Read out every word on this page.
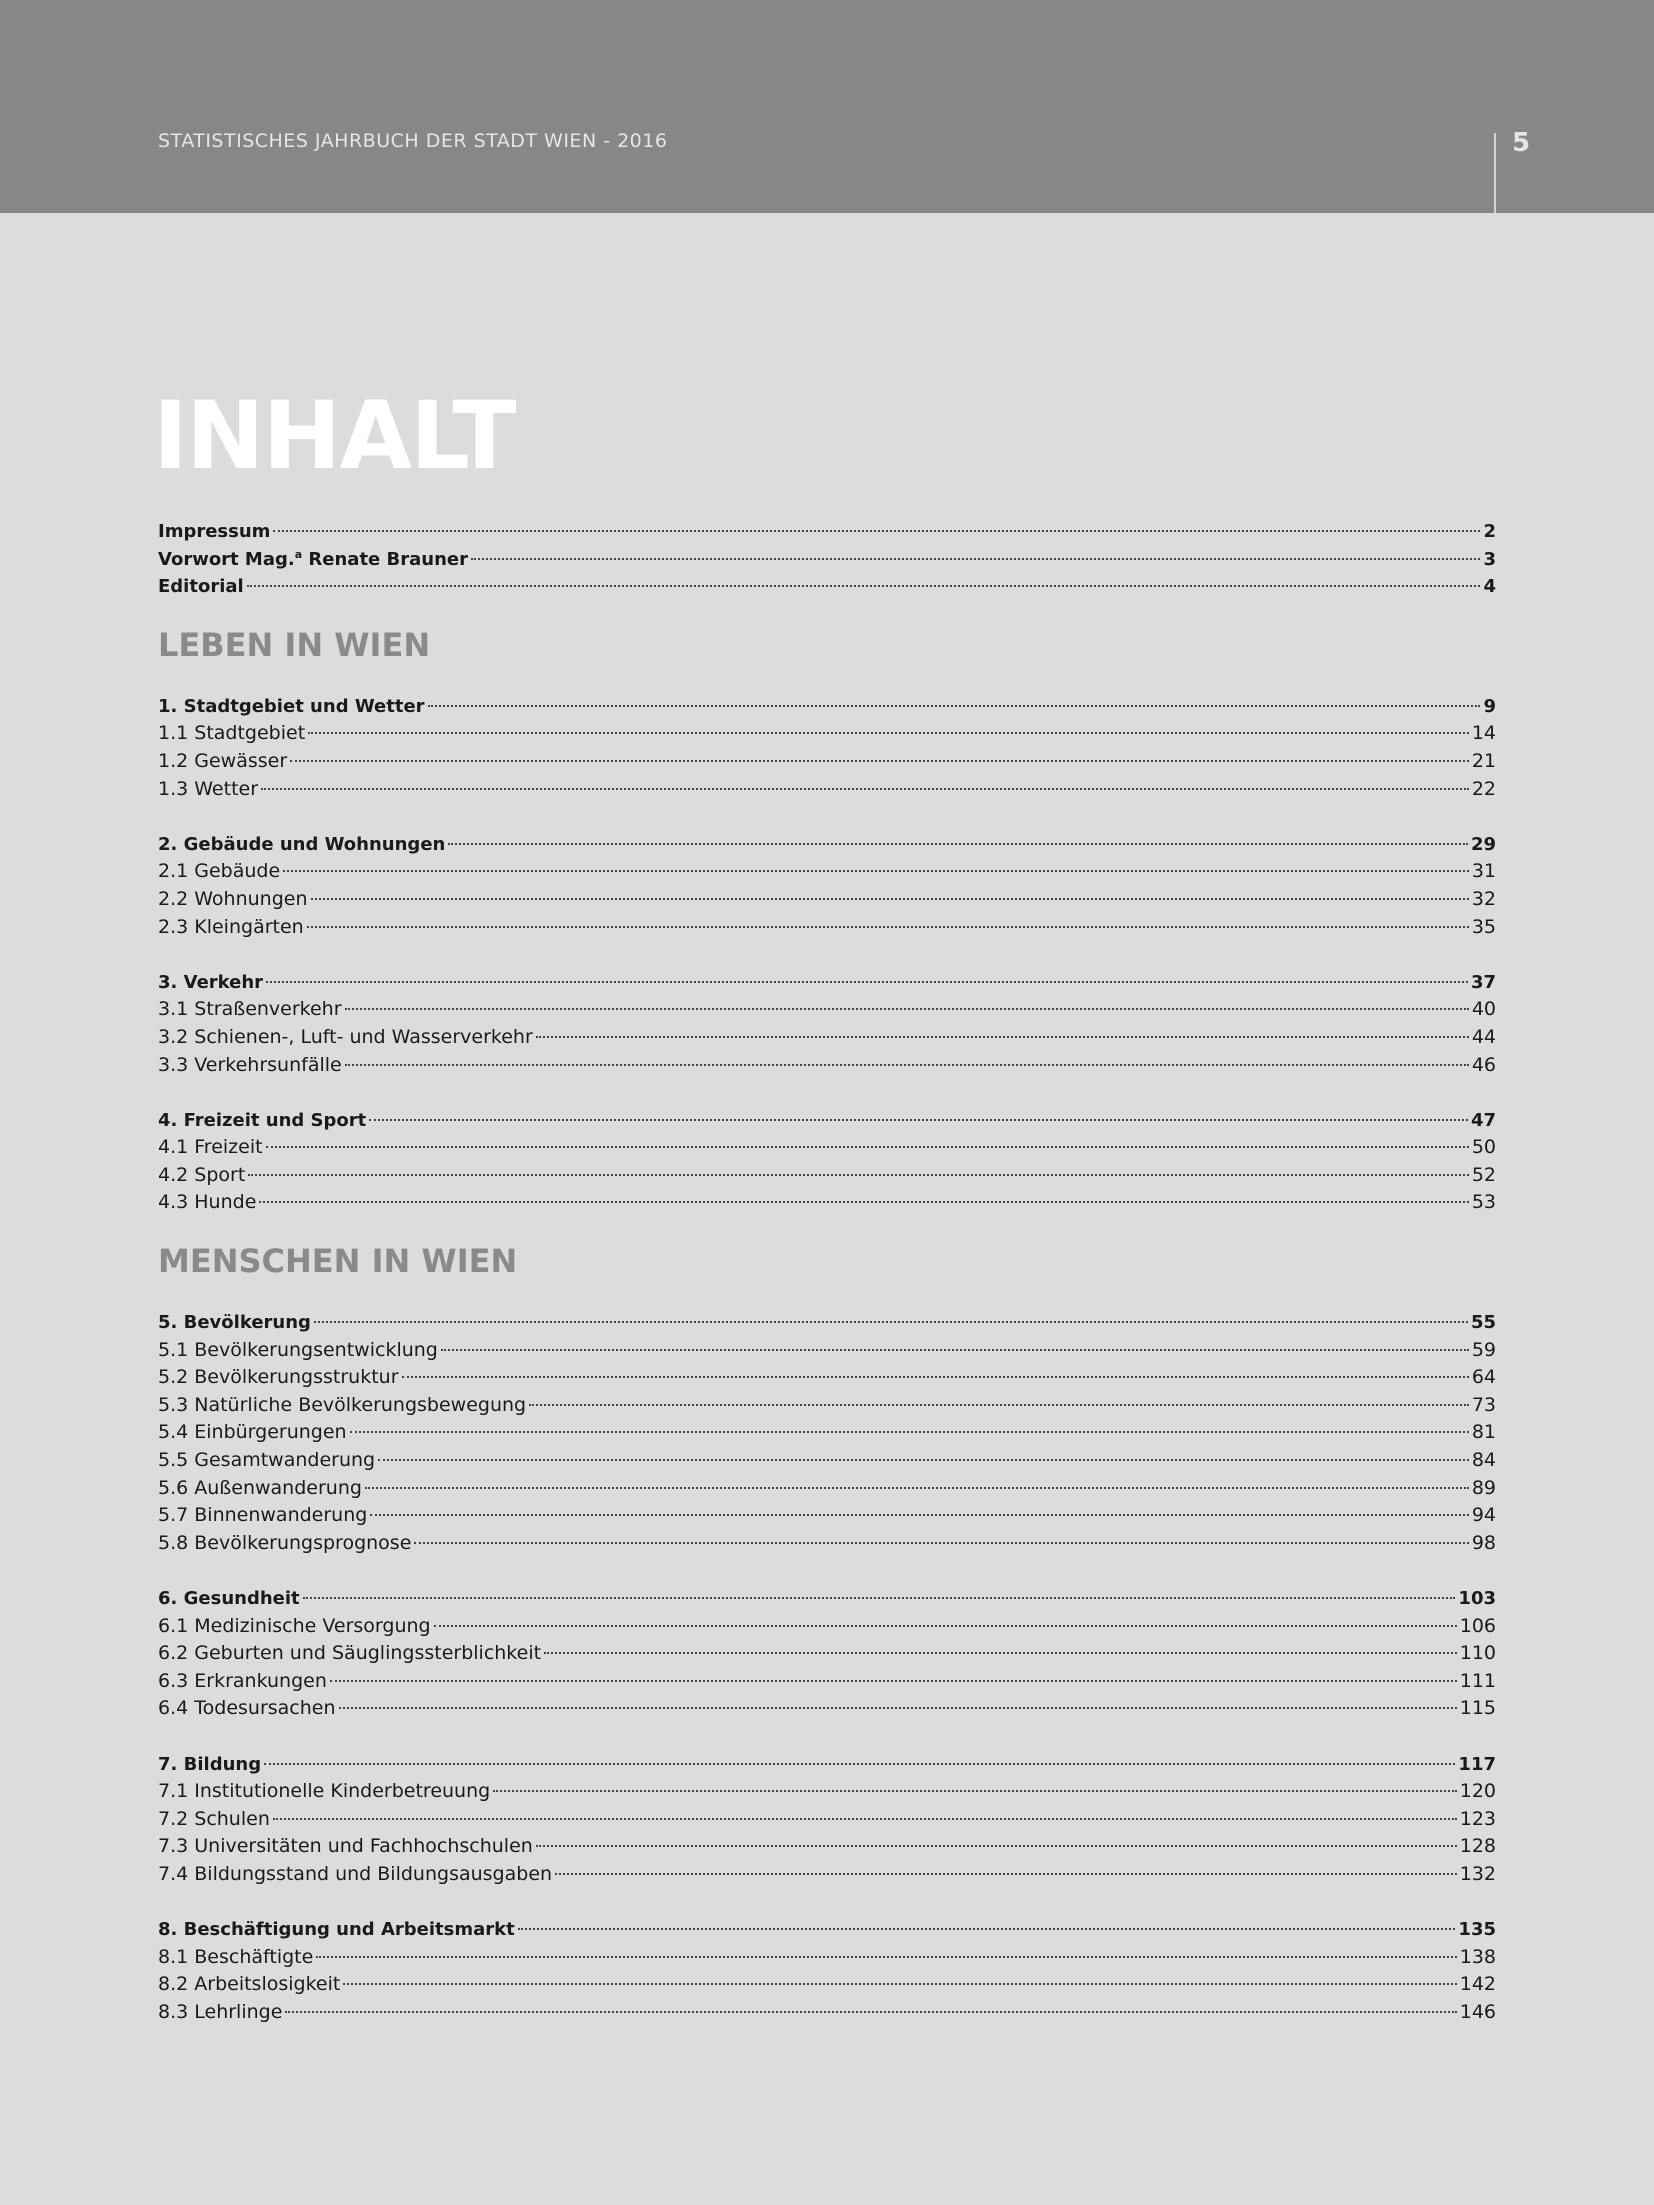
STATISTISCHES JAHRBUCH DER STADT WIEN - 2016	5
INHALT
Impressum	2
Vorwort Mag.$^a$ Renate Brauner	3
Editorial	4
LEBEN IN WIEN
1. Stadtgebiet und Wetter	9
1.1 Stadtgebiet	14
1.2 Gewässer	21
1.3 Wetter	22
2. Gebäude und Wohnungen	29
2.1 Gebäude	31
2.2 Wohnungen	32
2.3 Kleingärten	35
3. Verkehr	37
3.1 Straßenverkehr	40
3.2 Schienen-, Luft- und Wasserverkehr	44
3.3 Verkehrsunfälle	46
4. Freizeit und Sport	47
4.1 Freizeit	50
4.2 Sport	52
4.3 Hunde	53
MENSCHEN IN WIEN
5. Bevölkerung	55
5.1 Bevölkerungsentwicklung	59
5.2 Bevölkerungsstruktur	64
5.3 Natürliche Bevölkerungsbewegung	73
5.4 Einbürgerungen	81
5.5 Gesamtwanderung	84
5.6 Außenwanderung	89
5.7 Binnenwanderung	94
5.8 Bevölkerungsprognose	98
6. Gesundheit	103
6.1 Medizinische Versorgung	106
6.2 Geburten und Säuglingssterblichkeit	110
6.3 Erkrankungen	111
6.4 Todesursachen	115
7. Bildung	117
7.1 Institutionelle Kinderbetreuung	120
7.2 Schulen	123
7.3 Universitäten und Fachhochschulen	128
7.4 Bildungsstand und Bildungsausgaben	132
8. Beschäftigung und Arbeitsmarkt	135
8.1 Beschäftigte	138
8.2 Arbeitslosigkeit	142
8.3 Lehrlinge	146
